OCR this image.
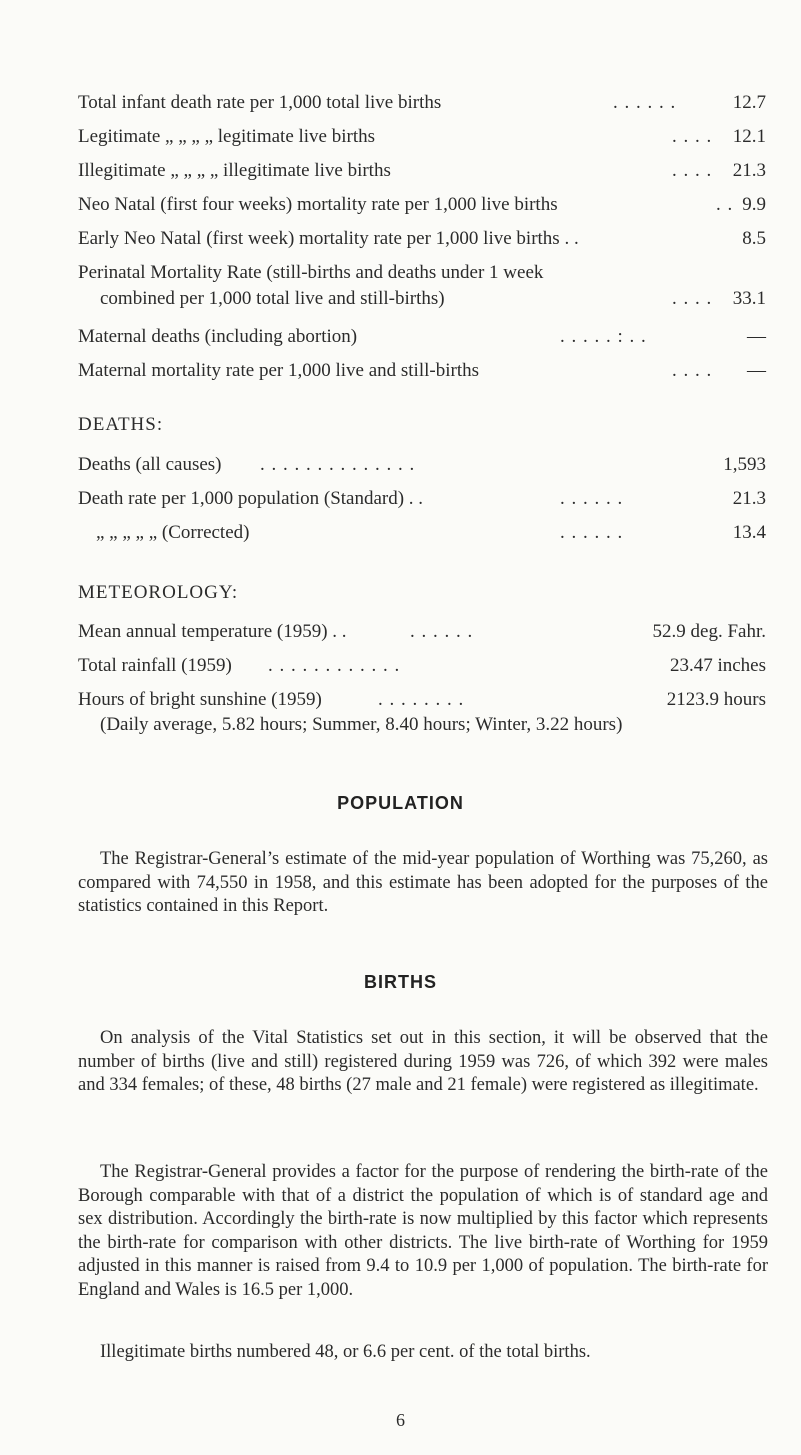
Total infant death rate per 1,000 total live births	. . . . . .	12.7
Legitimate „ „ „ „ legitimate live births	. . . . 12.1
Illegitimate „ „ „ „ illegitimate live births	. . . . 21.3
Neo Natal (first four weeks) mortality rate per 1,000 live births	. . 9.9
Early Neo Natal (first week) mortality rate per 1,000 live births . .	8.5
Perinatal Mortality Rate (still-births and deaths under 1 week
combined per 1,000 total live and still-births)	. . . . 33.1
Maternal deaths (including abortion)	. . . . . : . .	—
Maternal mortality rate per 1,000 live and still-births	. . . . —
DEATHS:
Deaths (all causes) . . . . . . . . . . . . . .	1,593
Death rate per 1,000 population (Standard) . .	. . . . . .	21.3
„ „ „ „ „ (Corrected)	. . . . . .	13.4
METEOROLOGY:
Mean annual temperature (1959) . .	. . . . . .	52.9 deg. Fahr.
Total rainfall (1959) . . . . . . . . . . . .	23.47 inches
Hours of bright sunshine (1959)	. . . . . . . .	2123.9 hours
(Daily average, 5.82 hours; Summer, 8.40 hours; Winter, 3.22 hours)
POPULATION

The Registrar-General’s estimate of the mid-year population of Worthing was 75,260, as compared with 74,550 in 1958, and this estimate has been adopted for the purposes of the statistics contained in this Report.

BIRTHS

On analysis of the Vital Statistics set out in this section, it will be observed that the number of births (live and still) registered during 1959 was 726, of which 392 were males and 334 females; of these, 48 births (27 male and 21 female) were registered as illegitimate.

The Registrar-General provides a factor for the purpose of rendering the birth-rate of the Borough comparable with that of a district the population of which is of standard age and sex distribution. Accordingly the birth-rate is now multiplied by this factor which represents the birth-rate for comparison with other districts. The live birth-rate of Worthing for 1959 adjusted in this manner is raised from 9.4 to 10.9 per 1,000 of population. The birth-rate for England and Wales is 16.5 per 1,000.

Illegitimate births numbered 48, or 6.6 per cent. of the total births.

6
